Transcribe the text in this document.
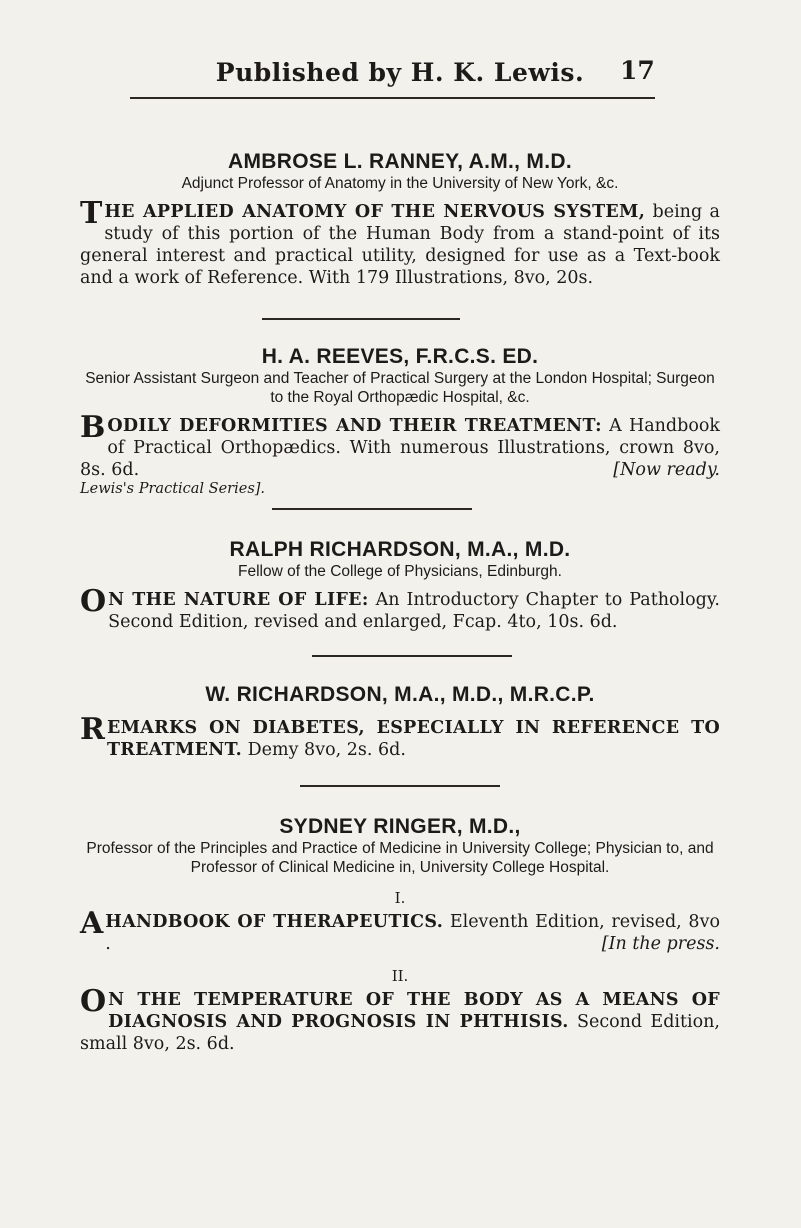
Published by H. K. Lewis.	17

AMBROSE L. RANNEY, A.M., M.D.

Adjunct Professor of Anatomy in the University of New York, &c.

THE APPLIED ANATOMY OF THE NERVOUS SYSTEM, being a study of this portion of the Human Body from a stand-point of its general interest and practical utility, designed for use as a Text-book and a work of Reference. With 179 Illustrations, 8vo, 20s.

H. A. REEVES, F.R.C.S. ED.

Senior Assistant Surgeon and Teacher of Practical Surgery at the London Hospital; Surgeon to the Royal Orthopædic Hospital, &c.

BODILY DEFORMITIES AND THEIR TREATMENT: A Handbook of Practical Orthopædics. With numerous Illustrations, crown 8vo, 8s. 6d.	[Now ready.

Lewis's Practical Series].

RALPH RICHARDSON, M.A., M.D.

Fellow of the College of Physicians, Edinburgh.

O N THE NATURE OF LIFE: An Introductory Chapter to Pathology. Second Edition, revised and enlarged, Fcap. 4to, 10s. 6d.

W. RICHARDSON, M.A., M.D., M.R.C.P.

REMARKS ON DIABETES, ESPECIALLY IN REFERENCE TO TREATMENT. Demy 8vo, 2s. 6d.

SYDNEY RINGER, M.D.,

Professor of the Principles and Practice of Medicine in University College; Physician to, and Professor of Clinical Medicine in, University College Hospital.

I.

A HANDBOOK OF THERAPEUTICS. Eleventh Edition, revised, 8vo .	[In the press.

II.

O N THE TEMPERATURE OF THE BODY AS A MEANS OF DIAGNOSIS AND PROGNOSIS IN PHTHISIS. Second Edition, small 8vo, 2s. 6d.
